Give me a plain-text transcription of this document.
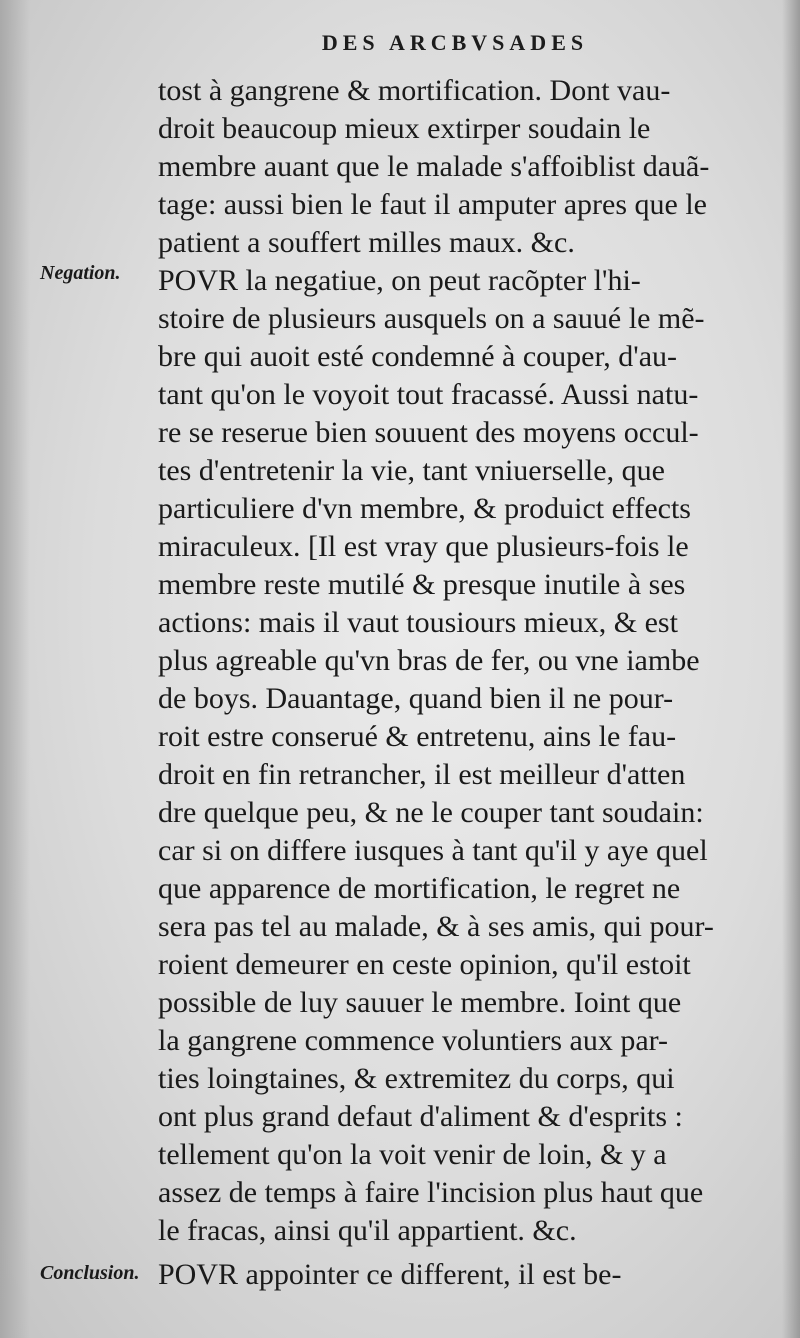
DES ARCBVSADES
Negation.
Conclusion.
tost à gangrene & mortification. Dont vau-
droit beaucoup mieux extirper soudain le
membre auant que le malade s'affoiblist dauã-
tage: aussi bien le faut il amputer apres que le
patient a souffert milles maux. &c.
POVR la negatiue, on peut racõpter l'hi-
stoire de plusieurs ausquels on a sauué le mẽ-
bre qui auoit esté condemné à couper, d'au-
tant qu'on le voyoit tout fracassé. Aussi natu-
re se reserue bien souuent des moyens occul-
tes d'entretenir la vie, tant vniuerselle, que
particuliere d'vn membre, & produict effects
miraculeux. [Il est vray que plusieurs-fois le
membre reste mutilé & presque inutile à ses
actions: mais il vaut tousiours mieux, & est
plus agreable qu'vn bras de fer, ou vne iambe
de boys. Dauantage, quand bien il ne pour-
roit estre conserué & entretenu, ains le fau-
droit en fin retrancher, il est meilleur d'atten
dre quelque peu, & ne le couper tant soudain:
car si on differe iusques à tant qu'il y aye quel
que apparence de mortification, le regret ne
sera pas tel au malade, & à ses amis, qui pour-
roient demeurer en ceste opinion, qu'il estoit
possible de luy sauuer le membre. Ioint que
la gangrene commence voluntiers aux par-
ties loingtaines, & extremitez du corps, qui
ont plus grand defaut d'aliment & d'esprits :
tellement qu'on la voit venir de loin, & y a
assez de temps à faire l'incision plus haut que
le fracas, ainsi qu'il appartient. &c.
POVR appointer ce different, il est be-
